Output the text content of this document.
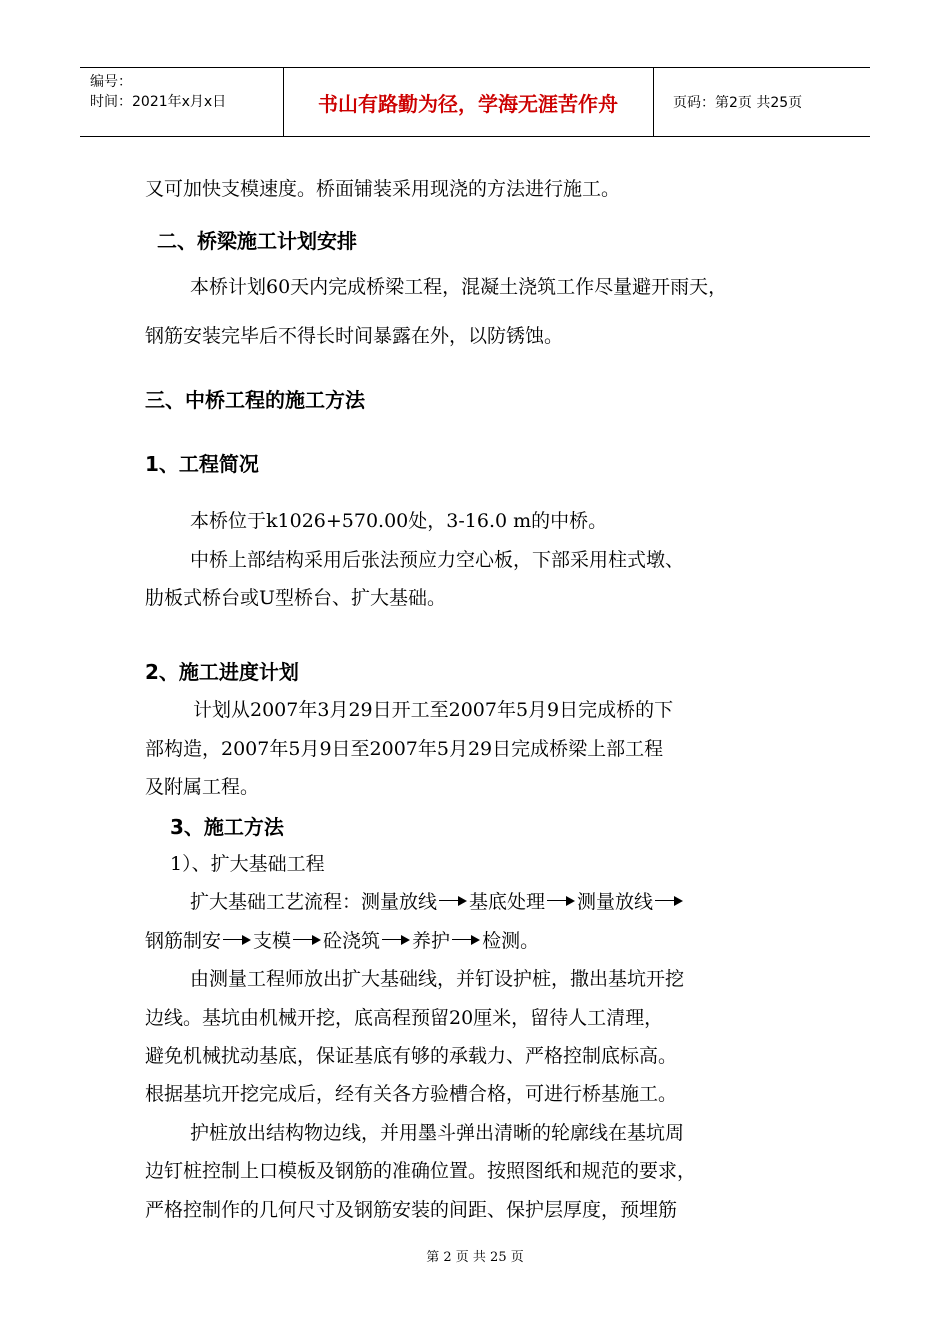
编号：
时间：2021年x月x日	书山有路勤为径，学海无涯苦作舟	页码：第2页 共25页
又可加快支模速度。桥面铺装采用现浇的方法进行施工。
二、桥梁施工计划安排
本桥计划60天内完成桥梁工程，混凝土浇筑工作尽量避开雨天，
钢筋安装完毕后不得长时间暴露在外，以防锈蚀。
三、中桥工程的施工方法
1、工程简况
本桥位于k1026+570.00处，3-16.0 m的中桥。
中桥上部结构采用后张法预应力空心板，下部采用柱式墩、
肋板式桥台或U型桥台、扩大基础。
2、施工进度计划
计划从2007年3月29日开工至2007年5月9日完成桥的下
部构造，2007年5月9日至2007年5月29日完成桥梁上部工程
及附属工程。
3、施工方法
1）、扩大基础工程
扩大基础工艺流程： 测量放线 基底处理 测量放线
钢筋制安 支模 砼浇筑 养护 检测。
由测量工程师放出扩大基础线，并钉设护桩，撒出基坑开挖
边线。基坑由机械开挖，底高程预留20厘米，留待人工清理，
避免机械扰动基底，保证基底有够的承载力、严格控制底标高。
根据基坑开挖完成后，经有关各方验槽合格，可进行桥基施工。
护桩放出结构物边线，并用墨斗弹出清晰的轮廓线在基坑周
边钉桩控制上口模板及钢筋的准确位置。按照图纸和规范的要求，
严格控制作的几何尺寸及钢筋安装的间距、保护层厚度，预埋筋
第 2 页 共 25 页
